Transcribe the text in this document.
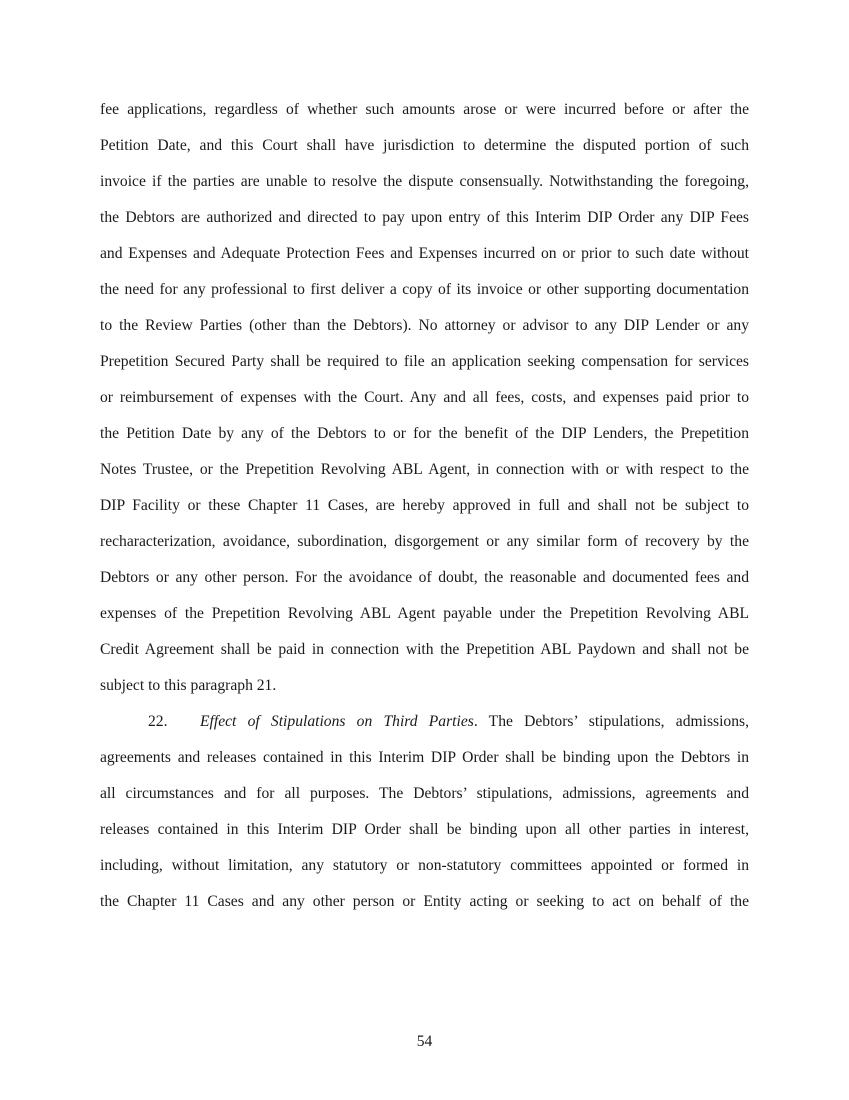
fee applications, regardless of whether such amounts arose or were incurred before or after the
Petition Date, and this Court shall have jurisdiction to determine the disputed portion of such
invoice if the parties are unable to resolve the dispute consensually. Notwithstanding the foregoing,
the Debtors are authorized and directed to pay upon entry of this Interim DIP Order any DIP Fees
and Expenses and Adequate Protection Fees and Expenses incurred on or prior to such date without
the need for any professional to first deliver a copy of its invoice or other supporting documentation
to the Review Parties (other than the Debtors). No attorney or advisor to any DIP Lender or any
Prepetition Secured Party shall be required to file an application seeking compensation for services
or reimbursement of expenses with the Court. Any and all fees, costs, and expenses paid prior to
the Petition Date by any of the Debtors to or for the benefit of the DIP Lenders, the Prepetition
Notes Trustee, or the Prepetition Revolving ABL Agent, in connection with or with respect to the
DIP Facility or these Chapter 11 Cases, are hereby approved in full and shall not be subject to
recharacterization, avoidance, subordination, disgorgement or any similar form of recovery by the
Debtors or any other person. For the avoidance of doubt, the reasonable and documented fees and
expenses of the Prepetition Revolving ABL Agent payable under the Prepetition Revolving ABL
Credit Agreement shall be paid in connection with the Prepetition ABL Paydown and shall not be
subject to this paragraph 21.
22. Effect of Stipulations on Third Parties. The Debtors’ stipulations, admissions,
agreements and releases contained in this Interim DIP Order shall be binding upon the Debtors in
all circumstances and for all purposes. The Debtors’ stipulations, admissions, agreements and
releases contained in this Interim DIP Order shall be binding upon all other parties in interest,
including, without limitation, any statutory or non-statutory committees appointed or formed in
the Chapter 11 Cases and any other person or Entity acting or seeking to act on behalf of the
54
